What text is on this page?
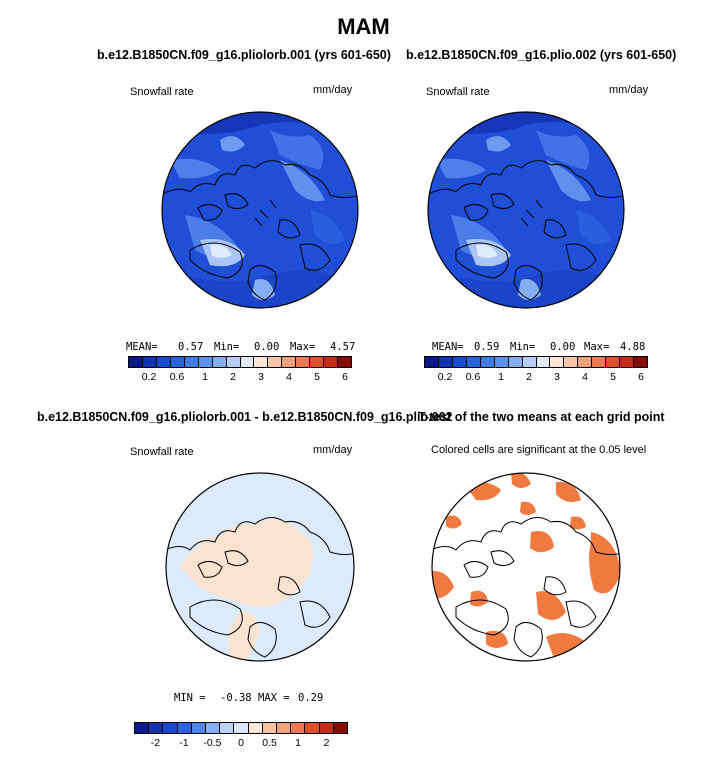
MAM
b.e12.B1850CN.f09_g16.pliolorb.001 (yrs 601-650)
Snowfall rate	mm/day
MEAN= 0.57 Min= 0.00 Max= 4.57
0.2 0.6 1 2 3 4 5 6
b.e12.B1850CN.f09_g16.plio.002 (yrs 601-650)
Snowfall rate	mm/day
MEAN= 0.59 Min= 0.00 Max= 4.88
0.2 0.6 1 2 3 4 5 6
b.e12.B1850CN.f09_g16.pliolorb.001 - b.e12.B1850CN.f09_g16.plio.002
Snowfall rate	mm/day
MIN = -0.38 MAX = 0.29
-2 -1 -0.5 0 0.5 1 2
T-test of the two means at each grid point
Colored cells are significant at the 0.05 level
